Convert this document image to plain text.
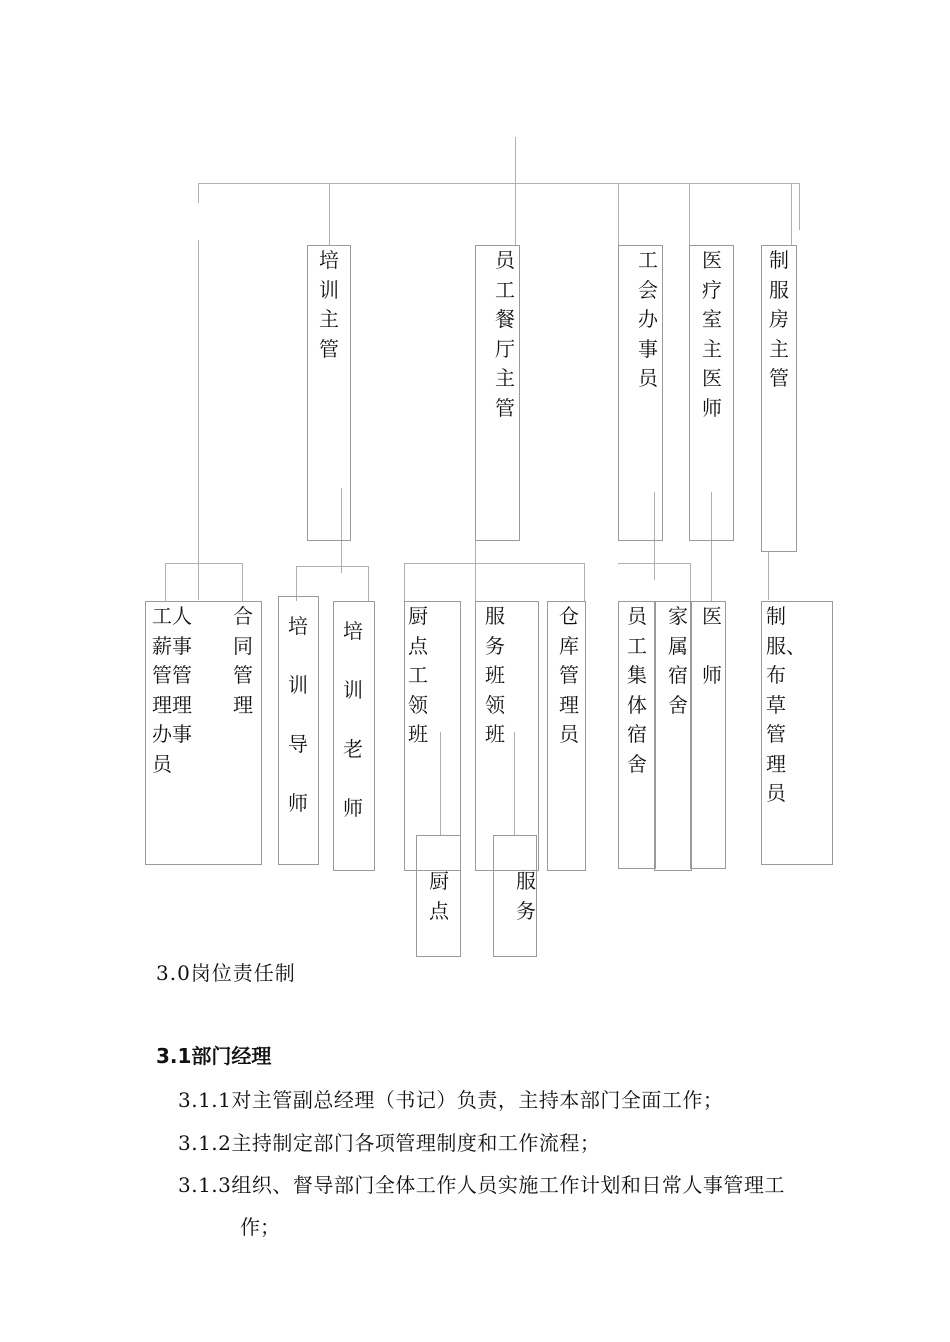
培训主管
员工餐厅主管
工会办事员
医疗室主医师
制服房主管
工人薪事管管理理办事员
合同管理
培训导师
培训老师
厨点工领班
服务班领班
仓库管理员
员工集体宿舍
家属宿舍
医

师
制服、布草管理员
厨点
服务
3.0岗位责任制
3.1部门经理
3.1.1对主管副总经理（书记）负责，主持本部门全面工作；
3.1.2主持制定部门各项管理制度和工作流程；
3.1.3组织、督导部门全体工作人员实施工作计划和日常人事管理工
作；
